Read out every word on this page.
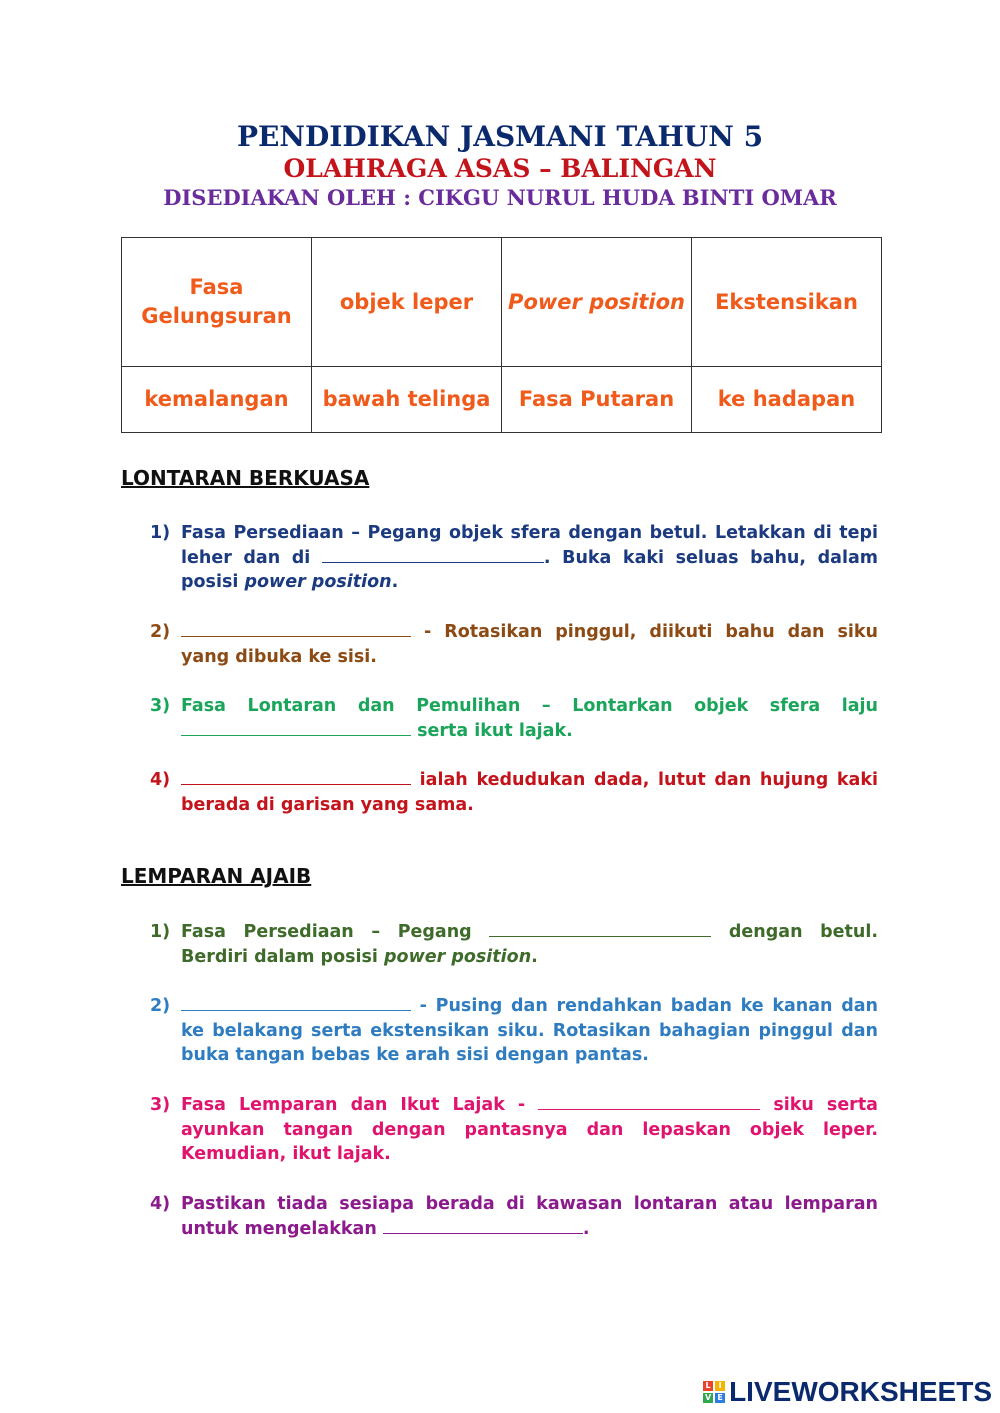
PENDIDIKAN JASMANI TAHUN 5
OLAHRAGA ASAS – BALINGAN
DISEDIAKAN OLEH : CIKGU NURUL HUDA BINTI OMAR
Fasa Gelungsuran	objek leper	Power position	Ekstensikan
kemalangan	bawah telinga	Fasa Putaran	ke hadapan
LONTARAN BERKUASA
1) Fasa Persediaan – Pegang objek sfera dengan betul. Letakkan di tepi leher dan di	. Buka kaki seluas bahu, dalam posisi power position.
2)	- Rotasikan pinggul, diikuti bahu dan siku yang dibuka ke sisi.
3) Fasa Lontaran dan Pemulihan – Lontarkan objek sfera laju  serta ikut lajak.
4)	ialah kedudukan dada, lutut dan hujung kaki berada di garisan yang sama.
LEMPARAN AJAIB
1) Fasa Persediaan – Pegang	dengan betul. Berdiri dalam posisi power position.
2)	- Pusing dan rendahkan badan ke kanan dan ke belakang serta ekstensikan siku. Rotasikan bahagian pinggul dan buka tangan bebas ke arah sisi dengan pantas.
3) Fasa Lemparan dan Ikut Lajak -	siku serta ayunkan tangan dengan pantasnya dan lepaskan objek leper. Kemudian, ikut lajak.
4) Pastikan tiada sesiapa berada di kawasan lontaran atau lemparan untuk mengelakkan	.
L I
V E LIVEWORKSHEETS
